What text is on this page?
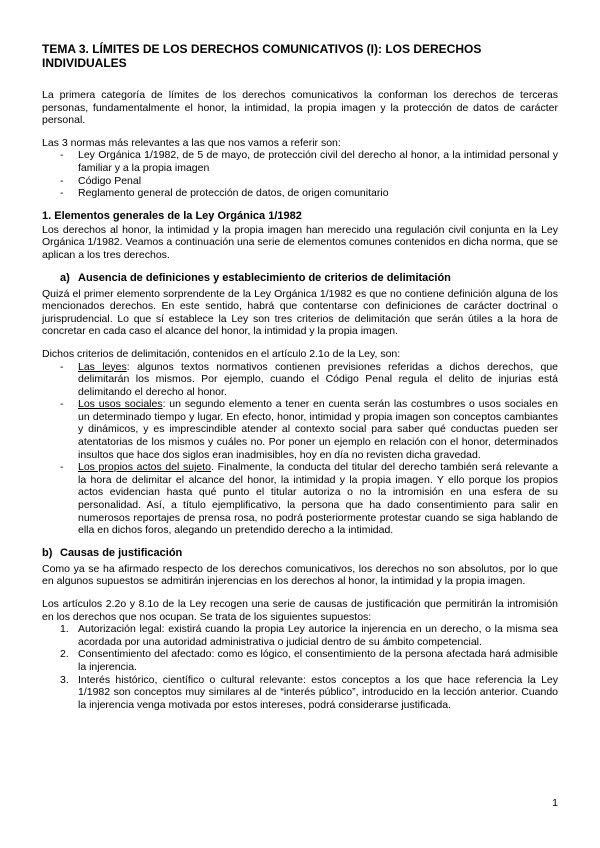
TEMA 3. LÍMITES DE LOS DERECHOS COMUNICATIVOS (I): LOS DERECHOS INDIVIDUALES

La primera categoría de límites de los derechos comunicativos la conforman los derechos de terceras personas, fundamentalmente el honor, la intimidad, la propia imagen y la protección de datos de carácter personal.

Las 3 normas más relevantes a las que nos vamos a referir son:

- Ley Orgánica 1/1982, de 5 de mayo, de protección civil del derecho al honor, a la intimidad personal y familiar y a la propia imagen
- Código Penal
- Reglamento general de protección de datos, de origen comunitario
1. Elementos generales de la Ley Orgánica 1/1982

Los derechos al honor, la intimidad y la propia imagen han merecido una regulación civil conjunta en la Ley Orgánica 1/1982. Veamos a continuación una serie de elementos comunes contenidos en dicha norma, que se aplican a los tres derechos.

a) Ausencia de definiciones y establecimiento de criterios de delimitación

Quizá el primer elemento sorprendente de la Ley Orgánica 1/1982 es que no contiene definición alguna de los mencionados derechos. En este sentido, habrá que contentarse con definiciones de carácter doctrinal o jurisprudencial. Lo que sí establece la Ley son tres criterios de delimitación que serán útiles a la hora de concretar en cada caso el alcance del honor, la intimidad y la propia imagen.

Dichos criterios de delimitación, contenidos en el artículo 2.1o de la Ley, son:

- Las leyes: algunos textos normativos contienen previsiones referidas a dichos derechos, que delimitarán los mismos. Por ejemplo, cuando el Código Penal regula el delito de injurias está delimitando el derecho al honor.
- Los usos sociales: un segundo elemento a tener en cuenta serán las costumbres o usos sociales en un determinado tiempo y lugar. En efecto, honor, intimidad y propia imagen son conceptos cambiantes y dinámicos, y es imprescindible atender al contexto social para saber qué conductas pueden ser atentatorias de los mismos y cuáles no. Por poner un ejemplo en relación con el honor, determinados insultos que hace dos siglos eran inadmisibles, hoy en día no revisten dicha gravedad.
- Los propios actos del sujeto. Finalmente, la conducta del titular del derecho también será relevante a la hora de delimitar el alcance del honor, la intimidad y la propia imagen. Y ello porque los propios actos evidencian hasta qué punto el titular autoriza o no la intromisión en una esfera de su personalidad. Así, a título ejemplificativo, la persona que ha dado consentimiento para salir en numerosos reportajes de prensa rosa, no podrá posteriormente protestar cuando se siga hablando de ella en dichos foros, alegando un pretendido derecho a la intimidad.
b) Causas de justificación

Como ya se ha afirmado respecto de los derechos comunicativos, los derechos no son absolutos, por lo que en algunos supuestos se admitirán injerencias en los derechos al honor, la intimidad y la propia imagen.

Los artículos 2.2o y 8.1o de la Ley recogen una serie de causas de justificación que permitirán la intromisión en los derechos que nos ocupan. Se trata de los siguientes supuestos:

1. Autorización legal: existirá cuando la propia Ley autorice la injerencia en un derecho, o la misma sea acordada por una autoridad administrativa o judicial dentro de su ámbito competencial.
2. Consentimiento del afectado: como es lógico, el consentimiento de la persona afectada hará admisible la injerencia.
3. Interés histórico, científico o cultural relevante: estos conceptos a los que hace referencia la Ley 1/1982 son conceptos muy similares al de “interés público”, introducido en la lección anterior. Cuando la injerencia venga motivada por estos intereses, podrá considerarse justificada.
1
